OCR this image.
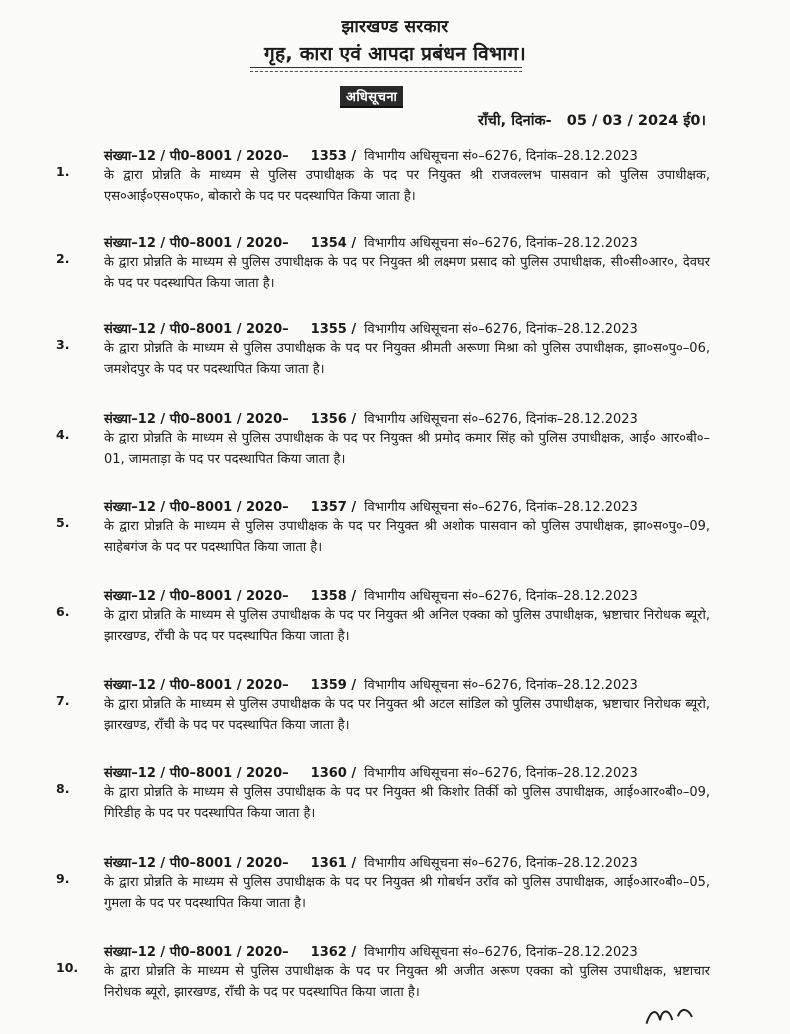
झारखण्ड सरकार
गृह, कारा एवं आपदा प्रबंधन विभाग।
अधिसूचना
राँची, दिनांक-   05 / 03 / 2024 ई0।
1.
संख्या–12 / पी0–8001 / 2020– 1353 / विभागीय अधिसूचना सं०–6276, दिनांक–28.12.2023
के द्वारा प्रोन्नति के माध्यम से पुलिस उपाधीक्षक के पद पर नियुक्त श्री राजवल्लभ पासवान को पुलिस उपाधीक्षक, एस०आई०एस०एफ०, बोकारो के पद पर पदस्थापित किया जाता है।
2.
संख्या–12 / पी0–8001 / 2020– 1354 / विभागीय अधिसूचना सं०–6276, दिनांक–28.12.2023
के द्वारा प्रोन्नति के माध्यम से पुलिस उपाधीक्षक के पद पर नियुक्त श्री लक्ष्मण प्रसाद को पुलिस उपाधीक्षक, सी०सी०आर०, देवघर के पद पर पदस्थापित किया जाता है।
3.
संख्या–12 / पी0–8001 / 2020– 1355 / विभागीय अधिसूचना सं०–6276, दिनांक–28.12.2023
के द्वारा प्रोन्नति के माध्यम से पुलिस उपाधीक्षक के पद पर नियुक्त श्रीमती अरूणा मिश्रा को पुलिस उपाधीक्षक, झा०स०पु०–06, जमशेदपुर के पद पर पदस्थापित किया जाता है।
4.
संख्या–12 / पी0–8001 / 2020– 1356 / विभागीय अधिसूचना सं०–6276, दिनांक–28.12.2023
के द्वारा प्रोन्नति के माध्यम से पुलिस उपाधीक्षक के पद पर नियुक्त श्री प्रमोद कमार सिंह को पुलिस उपाधीक्षक, आई० आर०बी०–01, जामताड़ा के पद पर पदस्थापित किया जाता है।
5.
संख्या–12 / पी0–8001 / 2020– 1357 / विभागीय अधिसूचना सं०–6276, दिनांक–28.12.2023
के द्वारा प्रोन्नति के माध्यम से पुलिस उपाधीक्षक के पद पर नियुक्त श्री अशोक पासवान को पुलिस उपाधीक्षक, झा०स०पु०–09, साहेबगंज के पद पर पदस्थापित किया जाता है।
6.
संख्या–12 / पी0–8001 / 2020– 1358 / विभागीय अधिसूचना सं०–6276, दिनांक–28.12.2023
के द्वारा प्रोन्नति के माध्यम से पुलिस उपाधीक्षक के पद पर नियुक्त श्री अनिल एक्का को पुलिस उपाधीक्षक, भ्रष्टाचार निरोधक ब्यूरो, झारखण्ड, राँची के पद पर पदस्थापित किया जाता है।
7.
संख्या–12 / पी0–8001 / 2020– 1359 / विभागीय अधिसूचना सं०–6276, दिनांक–28.12.2023
के द्वारा प्रोन्नति के माध्यम से पुलिस उपाधीक्षक के पद पर नियुक्त श्री अटल सांडिल को पुलिस उपाधीक्षक, भ्रष्टाचार निरोधक ब्यूरो, झारखण्ड, राँची के पद पर पदस्थापित किया जाता है।
8.
संख्या–12 / पी0–8001 / 2020– 1360 / विभागीय अधिसूचना सं०–6276, दिनांक–28.12.2023
के द्वारा प्रोन्नति के माध्यम से पुलिस उपाधीक्षक के पद पर नियुक्त श्री किशोर तिर्की को पुलिस उपाधीक्षक, आई०आर०बी०–09, गिरिडीह के पद पर पदस्थापित किया जाता है।
9.
संख्या–12 / पी0–8001 / 2020– 1361 / विभागीय अधिसूचना सं०–6276, दिनांक–28.12.2023
के द्वारा प्रोन्नति के माध्यम से पुलिस उपाधीक्षक के पद पर नियुक्त श्री गोबर्धन उराँव को पुलिस उपाधीक्षक, आई०आर०बी०–05, गुमला के पद पर पदस्थापित किया जाता है।
10.
संख्या–12 / पी0–8001 / 2020– 1362 / विभागीय अधिसूचना सं०–6276, दिनांक–28.12.2023
के द्वारा प्रोन्नति के माध्यम से पुलिस उपाधीक्षक के पद पर नियुक्त श्री अजीत अरूण एक्का को पुलिस उपाधीक्षक, भ्रष्टाचार निरोधक ब्यूरो, झारखण्ड, राँची के पद पर पदस्थापित किया जाता है।
